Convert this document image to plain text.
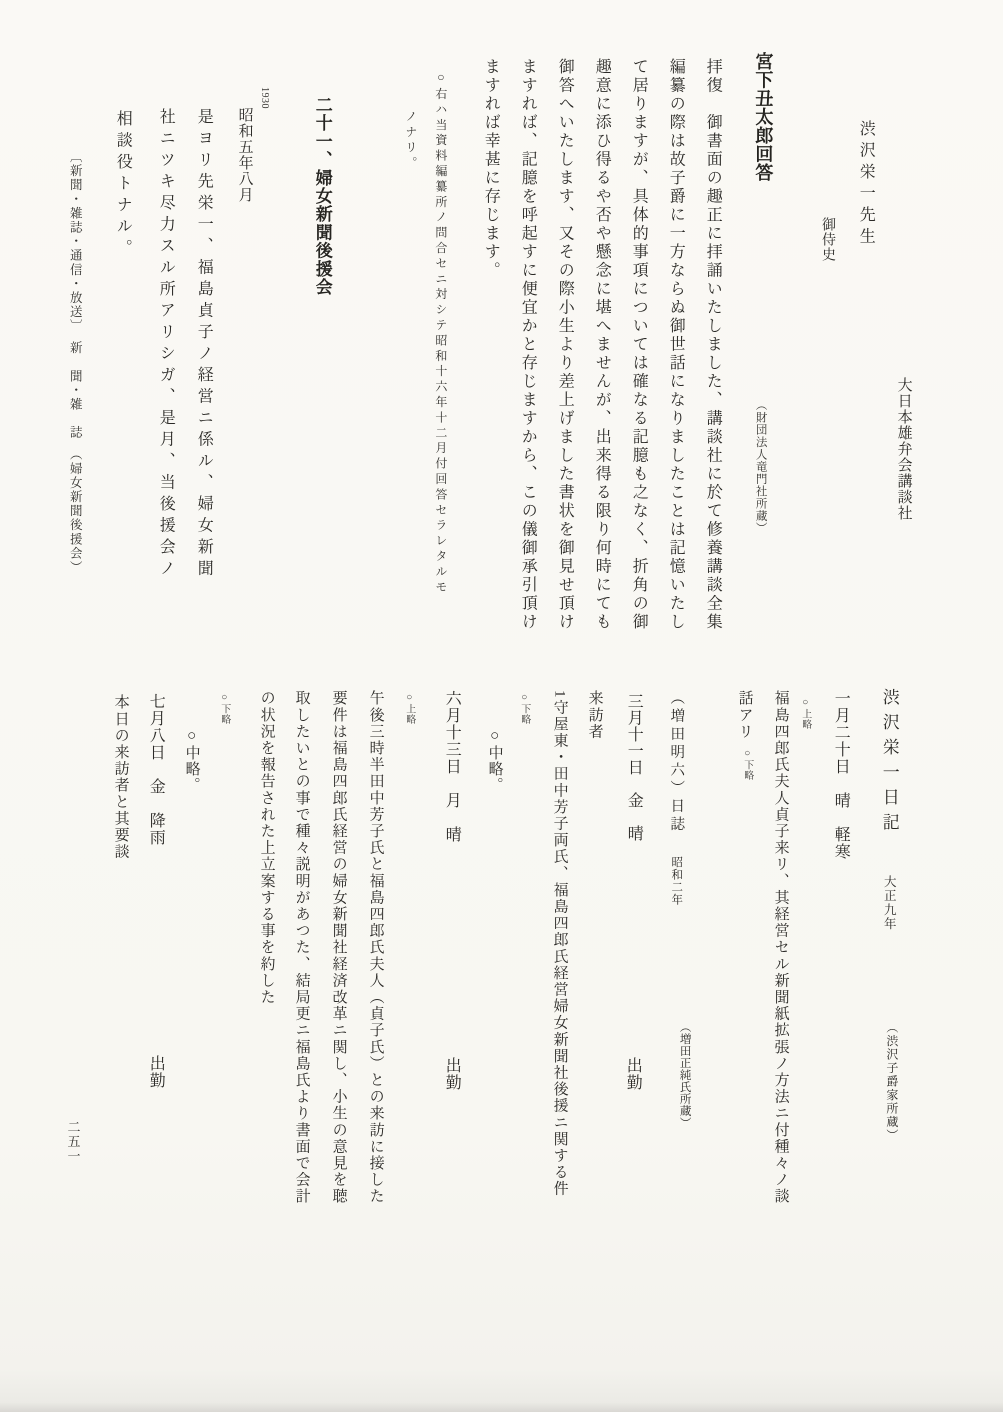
大日本雄弁会講談社
渋沢栄一先生
御侍史
宮下丑太郎回答
（財団法人竜門社所蔵）
拝復　御書面の趣正に拝誦いたしました、講談社に於て修養講談全集
編纂の際は故子爵に一方ならぬ御世話になりましたことは記憶いたし
て居りますが、具体的事項については確なる記臆も之なく、折角の御
趣意に添ひ得るや否や懸念に堪へませんが、出来得る限り何時にても
御答へいたします、又その際小生より差上げました書状を御見せ頂け
ますれば、記臆を呼起すに便宜かと存じますから、この儀御承引頂け
ますれば幸甚に存じます。
○右ハ当資料編纂所ノ問合セニ対シテ昭和十六年十二月付回答セラレタルモ
ノナリ。
二十一、婦女新聞後援会
1930
昭和五年八月
是ヨリ先栄一、福島貞子ノ経営ニ係ル、婦女新聞
社ニツキ尽力スル所アリシガ、是月、当後援会ノ
相談役トナル。
〔新聞・雑誌・通信・放送〕　新　聞・雑　誌　（婦女新聞後援会）
渋沢栄一日記
大正九年
（渋沢子爵家所蔵）
一月二十日　晴　軽寒
○上略
福島四郎氏夫人貞子来リ、其経営セル新聞紙拡張ノ方法ニ付種々ノ談
話アリ
○下略
（増田明六）日誌昭和二年
（増田正純氏所蔵）
三月十一日　金　晴
出勤
来訪者
1守屋東・田中芳子両氏、福島四郎氏経営婦女新聞社後援ニ関する件
○下略
○中略。
六月十三日　月　晴
出勤
○上略
午後三時半田中芳子氏と福島四郎氏夫人（貞子氏）との来訪に接した
要件は福島四郎氏経営の婦女新聞社経済改革ニ関し、小生の意見を聴
取したいとの事で種々説明があつた、結局更ニ福島氏より書面で会計
の状況を報告された上立案する事を約した
○下略
○中略。
七月八日　金　降雨
出勤
本日の来訪者と其要談
二五一
